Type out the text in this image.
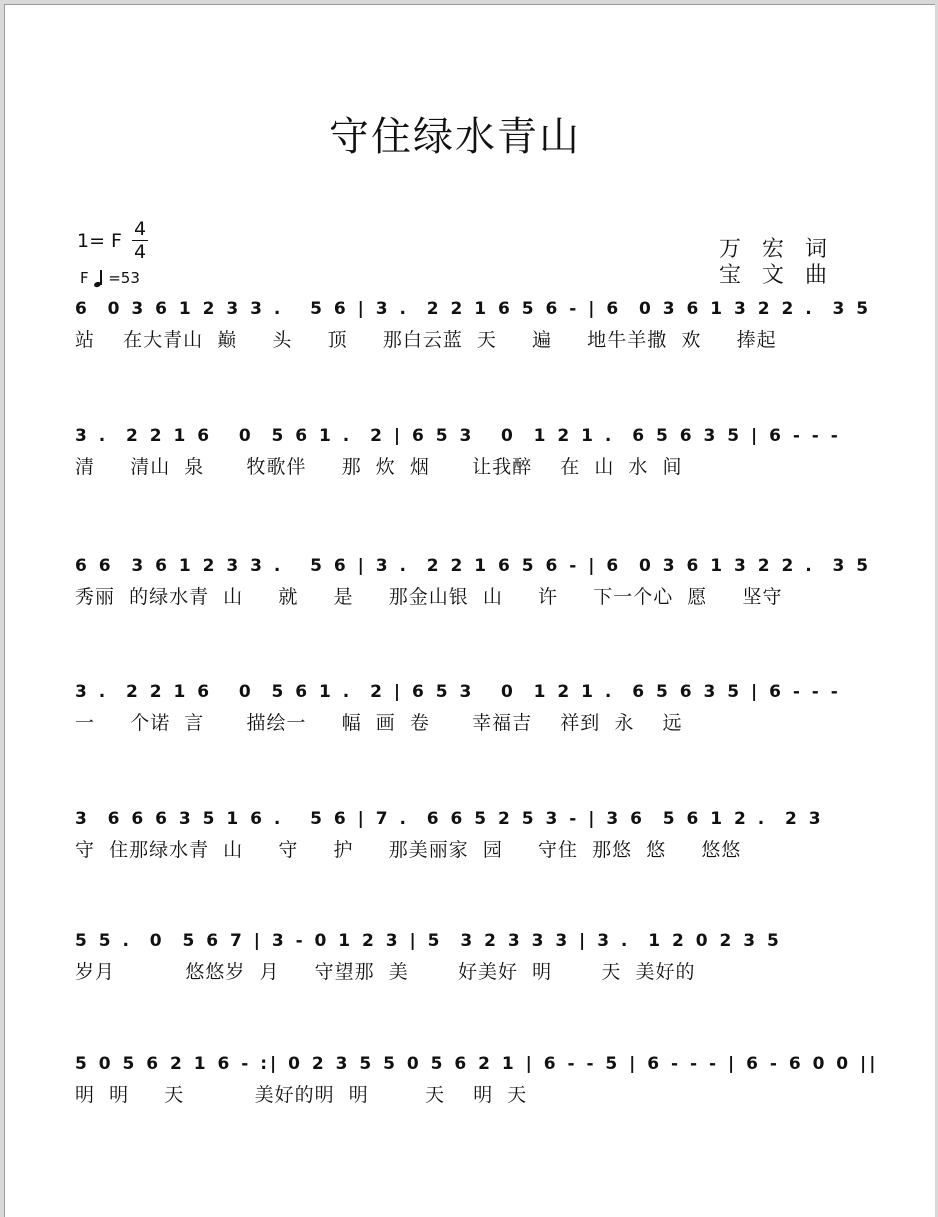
守住绿水青山
1= F
4
4
F =53
万 宏 词
宝 文 曲
6  0 3 6 1 2 3 3 .   5 6 | 3 .  2 2 1 6 5 6 - | 6  0 3 6 1 3 2 2 .  3 5
站    在大青山  巅     头     顶     那白云蓝  天     遍     地牛羊撒  欢     捧起
3 .  2 2 1 6   0  5 6 1 .  2 | 6 5 3   0  1 2 1 .  6 5 6 3 5 | 6 - - -
清     清山  泉      牧歌伴     那  炊  烟      让我醉    在  山  水  间
6 6  3 6 1 2 3 3 .   5 6 | 3 .  2 2 1 6 5 6 - | 6  0 3 6 1 3 2 2 .  3 5
秀丽  的绿水青  山     就     是     那金山银  山     许     下一个心  愿     坚守
3 .  2 2 1 6   0  5 6 1 .  2 | 6 5 3   0  1 2 1 .  6 5 6 3 5 | 6 - - -
一     个诺  言      描绘一     幅  画  卷      幸福吉    祥到  永    远
3  6 6 6 3 5 1 6 .   5 6 | 7 .  6 6 5 2 5 3 - | 3 6  5 6 1 2 .  2 3
守  住那绿水青  山     守     护     那美丽家  园     守住  那悠  悠     悠悠
5 5 .  0  5 6 7 | 3 - 0 1 2 3 | 5  3 2 3 3 3 | 3 .  1 2 0 2 3 5
岁月          悠悠岁  月     守望那  美       好美好  明       天  美好的
5 0 5 6 2 1 6 - :| 0 2 3 5 5 0 5 6 2 1 | 6 - - 5 | 6 - - - | 6 - 6 0 0 ||
明  明     天          美好的明  明        天    明  天
